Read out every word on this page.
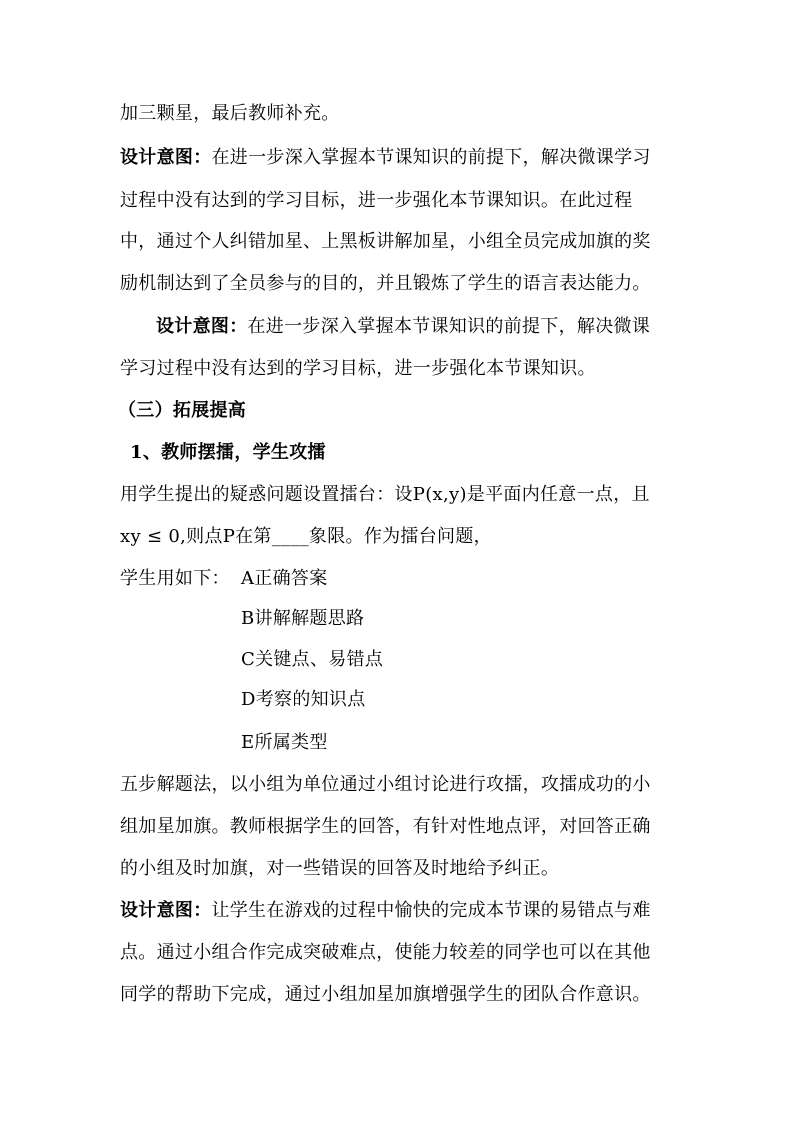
加三颗星，最后教师补充。
设计意图：在进一步深入掌握本节课知识的前提下，解决微课学习
过程中没有达到的学习目标，进一步强化本节课知识。在此过程
中，通过个人纠错加星、上黑板讲解加星，小组全员完成加旗的奖
励机制达到了全员参与的目的，并且锻炼了学生的语言表达能力。
设计意图：在进一步深入掌握本节课知识的前提下，解决微课
学习过程中没有达到的学习目标，进一步强化本节课知识。
（三）拓展提高
1、教师摆擂，学生攻擂
用学生提出的疑惑问题设置擂台：设P(x,y)是平面内任意一点，且
xy ≤ 0,则点P在第____象限。作为擂台问题，
学生用如下： A正确答案
B讲解解题思路
C关键点、易错点
D考察的知识点
E所属类型
五步解题法，以小组为单位通过小组讨论进行攻擂，攻擂成功的小
组加星加旗。教师根据学生的回答，有针对性地点评，对回答正确
的小组及时加旗，对一些错误的回答及时地给予纠正。
设计意图：让学生在游戏的过程中愉快的完成本节课的易错点与难
点。通过小组合作完成突破难点，使能力较差的同学也可以在其他
同学的帮助下完成，通过小组加星加旗增强学生的团队合作意识。
